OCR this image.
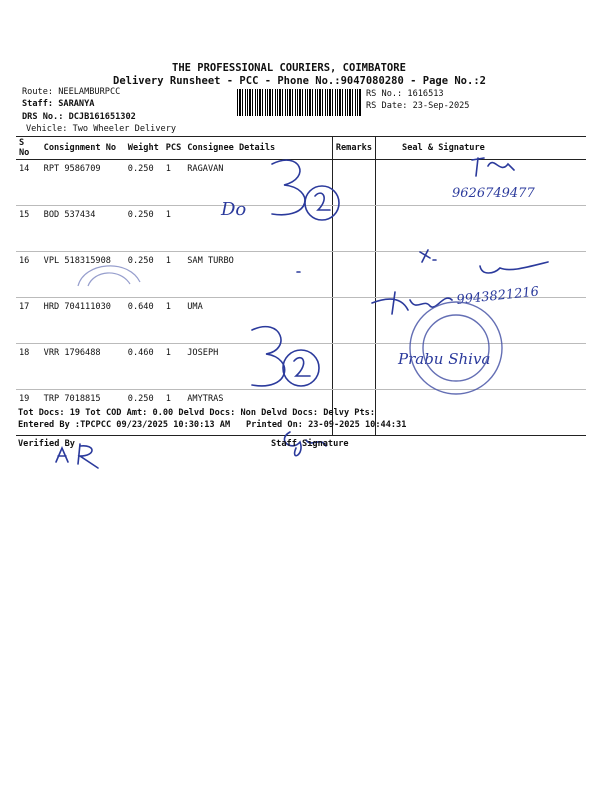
THE PROFESSIONAL COURIERS, COIMBATORE
Delivery Runsheet - PCC - Phone No.:9047080280 - Page No.:2
Route: NEELAMBURPCC
Staff: SARANYA
DRS No.: DCJB161651302
Vehicle: Two Wheeler Delivery
RS No.: 1616513
RS Date: 23-Sep-2025
S No	Consignment No	Weight	PCS	Consignee Details	Remarks	Seal & Signature
14	RPT 9586709	0.250	1	RAGAVAN		
15	BOD 537434	0.250	1			
16	VPL 518315908	0.250	1	SAM TURBO		
17	HRD 704111030	0.640	1	UMA		
18	VRR 1796488	0.460	1	JOSEPH		
19	TRP 7018815	0.250	1	AMYTRAS		
Do
9626749477
9943821216
Prabu Shiva
Tot Docs: 19 Tot COD Amt: 0.00 Delvd Docs: Non Delvd Docs: Delvy Pts:
Entered By :TPCPCC 09/23/2025 10:30:13 AM Printed On: 23-09-2025 10:44:31
Verified By	Staff Signature
